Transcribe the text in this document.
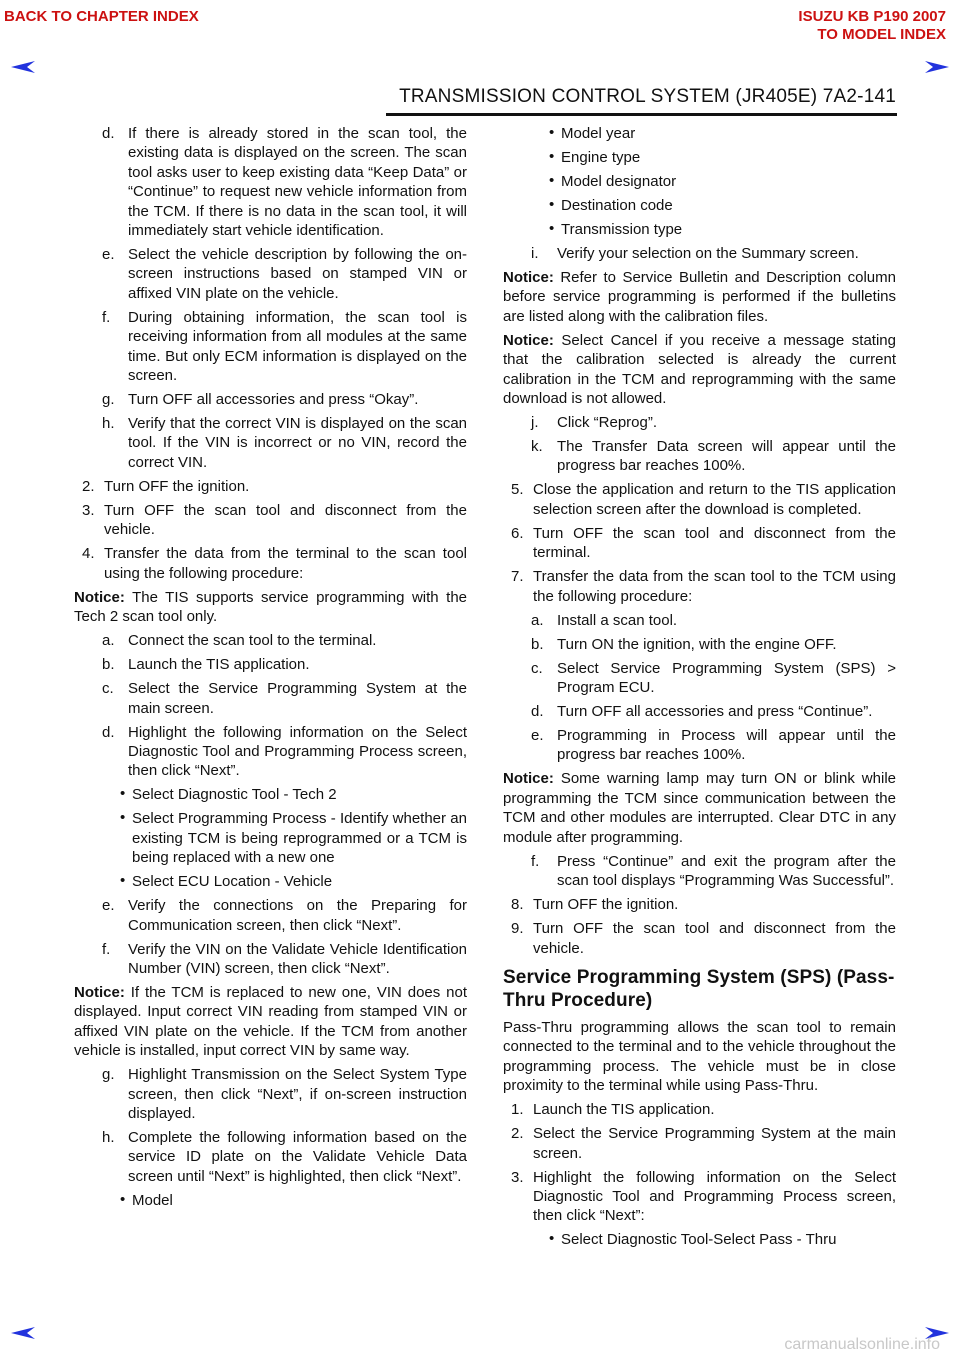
BACK TO CHAPTER INDEX	ISUZU KB P190 2007
TO MODEL INDEX
TRANSMISSION CONTROL SYSTEM (JR405E) 7A2-141
d. If there is already stored in the scan tool, the existing data is displayed on the screen. The scan tool asks user to keep existing data “Keep Data” or “Continue” to request new vehicle information from the TCM. If there is no data in the scan tool, it will immediately start vehicle identification.
e. Select the vehicle description by following the on-screen instructions based on stamped VIN or affixed VIN plate on the vehicle.
f.	During obtaining information, the scan tool is receiving information from all modules at the same time. But only ECM information is displayed on the screen.
g. Turn OFF all accessories and press “Okay”.
h. Verify that the correct VIN is displayed on the scan tool. If the VIN is incorrect or no VIN, record the correct VIN.
2. Turn OFF the ignition.
3. Turn OFF the scan tool and disconnect from the vehicle.
4. Transfer the data from the terminal to the scan tool using the following procedure:
Notice: The TIS supports service programming with the Tech 2 scan tool only.
a. Connect the scan tool to the terminal.
b. Launch the TIS application.
c. Select the Service Programming System at the main screen.
d. Highlight the following information on the Select Diagnostic Tool and Programming Process screen, then click “Next”.
• Select Diagnostic Tool - Tech 2
• Select Programming Process - Identify whether an existing TCM is being reprogrammed or a TCM is being replaced with a new one
• Select ECU Location - Vehicle
e. Verify the connections on the Preparing for Communication screen, then click “Next”.
f.	Verify the VIN on the Validate Vehicle Identification Number (VIN) screen, then click “Next”.
Notice: If the TCM is replaced to new one, VIN does not displayed. Input correct VIN reading from stamped VIN or affixed VIN plate on the vehicle. If the TCM from another vehicle is installed, input correct VIN by same way.
g. Highlight Transmission on the Select System Type screen, then click “Next”, if on-screen instruction displayed.
h. Complete the following information based on the service ID plate on the Validate Vehicle Data screen until “Next” is highlighted, then click “Next”.
• Model
• Model year
• Engine type
• Model designator
• Destination code
• Transmission type
i.	Verify your selection on the Summary screen.
Notice: Refer to Service Bulletin and Description column before service programming is performed if the bulletins are listed along with the calibration files.
Notice: Select Cancel if you receive a message stating that the calibration selected is already the current calibration in the TCM and reprogramming with the same download is not allowed.
j.	Click “Reprog”.
k. The Transfer Data screen will appear until the progress bar reaches 100%.
5. Close the application and return to the TIS application selection screen after the download is completed.
6. Turn OFF the scan tool and disconnect from the terminal.
7. Transfer the data from the scan tool to the TCM using the following procedure:
a. Install a scan tool.
b. Turn ON the ignition, with the engine OFF.
c. Select Service Programming System (SPS) > Program ECU.
d. Turn OFF all accessories and press “Continue”.
e. Programming in Process will appear until the progress bar reaches 100%.
Notice: Some warning lamp may turn ON or blink while programming the TCM since communication between the TCM and other modules are interrupted. Clear DTC in any module after programming.
f.	Press “Continue” and exit the program after the scan tool displays “Programming Was Successful”.
8. Turn OFF the ignition.
9. Turn OFF the scan tool and disconnect from the vehicle.
Service Programming System (SPS) (Pass-Thru Procedure)
Pass-Thru programming allows the scan tool to remain connected to the terminal and to the vehicle throughout the programming process. The vehicle must be in close proximity to the terminal while using Pass-Thru.
1. Launch the TIS application.
2. Select the Service Programming System at the main screen.
3. Highlight the following information on the Select Diagnostic Tool and Programming Process screen, then click “Next”:
• Select Diagnostic Tool-Select Pass - Thru
carmanualsonline.info
